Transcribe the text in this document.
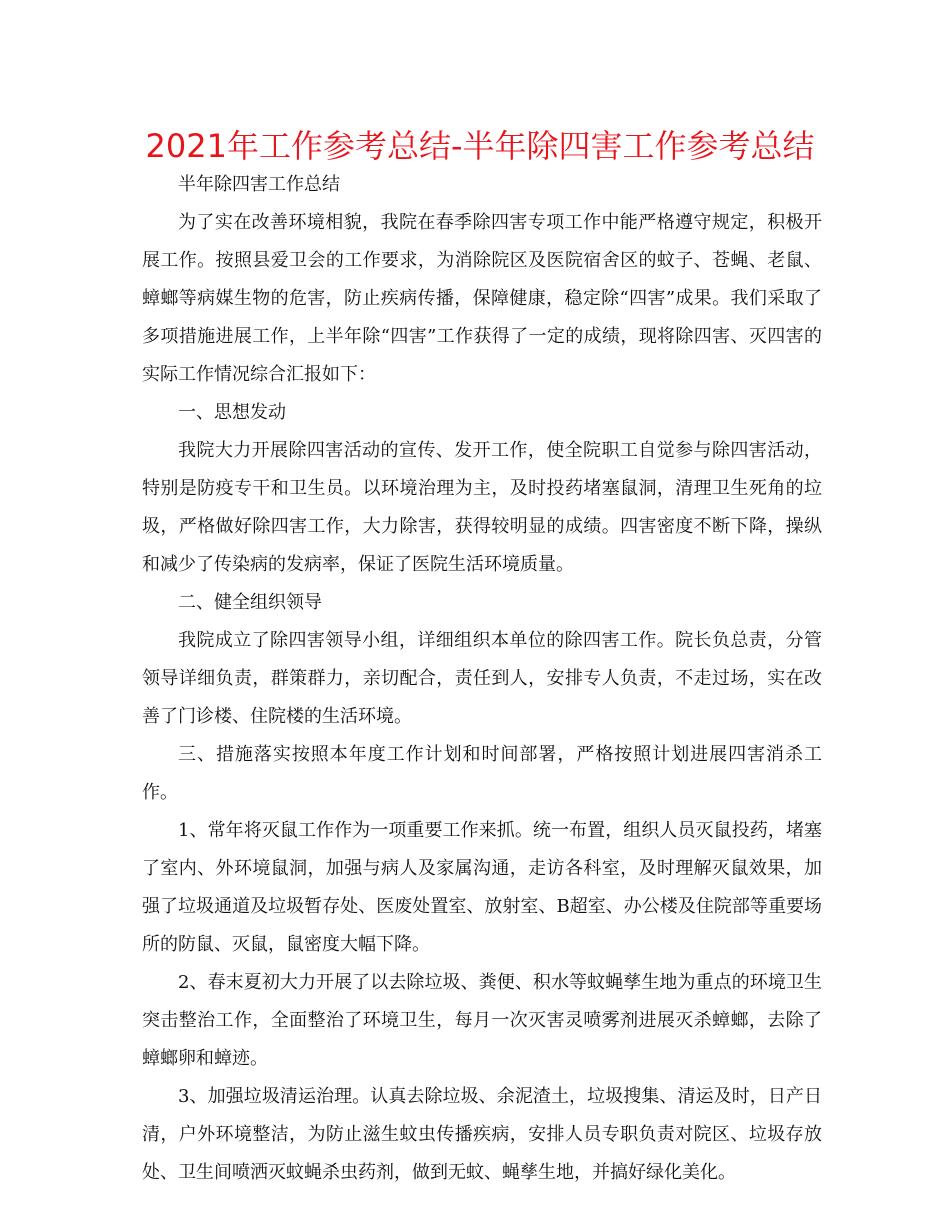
2021年工作参考总结-半年除四害工作参考总结

半年除四害工作总结

为了实在改善环境相貌，我院在春季除四害专项工作中能严格遵守规定，积极开展工作。按照县爱卫会的工作要求，为消除院区及医院宿舍区的蚊子、苍蝇、老鼠、蟑螂等病媒生物的危害，防止疾病传播，保障健康，稳定除“四害”成果。我们采取了多项措施进展工作，上半年除“四害”工作获得了一定的成绩，现将除四害、灭四害的实际工作情况综合汇报如下：

一、思想发动

我院大力开展除四害活动的宣传、发开工作，使全院职工自觉参与除四害活动，特别是防疫专干和卫生员。以环境治理为主，及时投药堵塞鼠洞，清理卫生死角的垃圾，严格做好除四害工作，大力除害，获得较明显的成绩。四害密度不断下降，操纵和减少了传染病的发病率，保证了医院生活环境质量。

二、健全组织领导

我院成立了除四害领导小组，详细组织本单位的除四害工作。院长负总责，分管领导详细负责，群策群力，亲切配合，责任到人，安排专人负责，不走过场，实在改善了门诊楼、住院楼的生活环境。

三、措施落实按照本年度工作计划和时间部署，严格按照计划进展四害消杀工作。

1、常年将灭鼠工作作为一项重要工作来抓。统一布置，组织人员灭鼠投药，堵塞了室内、外环境鼠洞，加强与病人及家属沟通，走访各科室，及时理解灭鼠效果，加强了垃圾通道及垃圾暂存处、医废处置室、放射室、B超室、办公楼及住院部等重要场所的防鼠、灭鼠，鼠密度大幅下降。

2、春末夏初大力开展了以去除垃圾、粪便、积水等蚊蝇孳生地为重点的环境卫生突击整治工作，全面整治了环境卫生，每月一次灭害灵喷雾剂进展灭杀蟑螂，去除了蟑螂卵和蟑迹。

3、加强垃圾清运治理。认真去除垃圾、余泥渣土，垃圾搜集、清运及时，日产日清，户外环境整洁，为防止滋生蚊虫传播疾病，安排人员专职负责对院区、垃圾存放处、卫生间喷洒灭蚊蝇杀虫药剂，做到无蚊、蝇孳生地，并搞好绿化美化。
